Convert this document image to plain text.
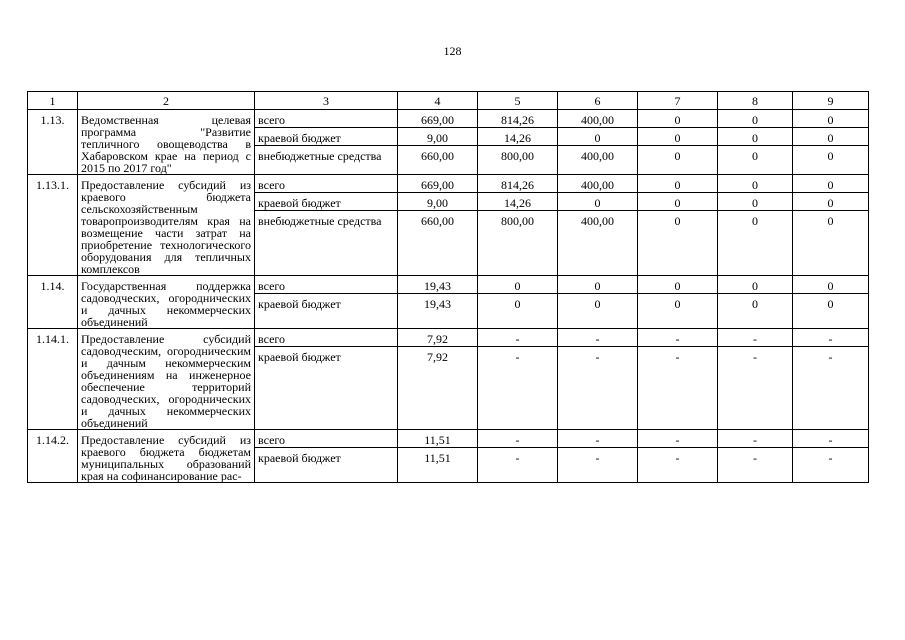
128
1	2	3	4	5	6	7	8	9
1.13.	Ведомственная целевая программа "Развитие тепличного овощеводства в Хабаровском крае на период с 2015 по 2017 год"	всего	669,00	814,26	400,00	0	0	0
		краевой бюджет	9,00	14,26	0	0	0	0
		внебюджетные средства	660,00	800,00	400,00	0	0	0
1.13.1.	Предоставление субсидий из краевого бюджета сельскохозяйственным товаропроизводителям края на возмещение части затрат на приобретение технологического оборудования для тепличных комплексов	всего	669,00	814,26	400,00	0	0	0
		краевой бюджет	9,00	14,26	0	0	0	0
		внебюджетные средства	660,00	800,00	400,00	0	0	0
1.14.	Государственная поддержка садоводческих, огороднических и дачных некоммерческих объединений	всего	19,43	0	0	0	0	0
		краевой бюджет	19,43	0	0	0	0	0
1.14.1.	Предоставление субсидий садоводческим, огородническим и дачным некоммерческим объединениям на инженерное обеспечение территорий садоводческих, огороднических и дачных некоммерческих объединений	всего	7,92	-	-	-	-	-
		краевой бюджет	7,92	-	-	-	-	-
1.14.2.	Предоставление субсидий из краевого бюджета бюджетам муниципальных образований края на софинансирование рас-	всего	11,51	-	-	-	-	-
		краевой бюджет	11,51	-	-	-	-	-
